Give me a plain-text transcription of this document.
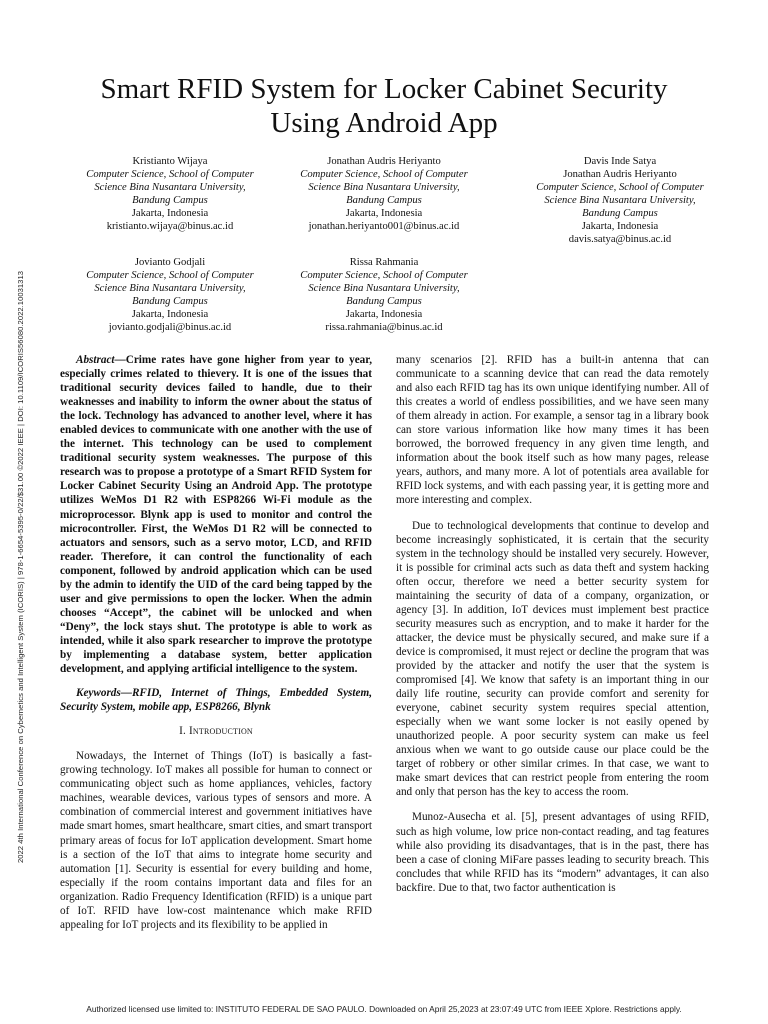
2022 4th International Conference on Cybernetics and Intelligent System (ICORIS) | 978-1-6654-5395-0/22/$31.00 ©2022 IEEE | DOI: 10.1109/ICORIS56080.2022.10031313
Smart RFID System for Locker Cabinet Security
Using Android App
Kristianto Wijaya
Computer Science, School of Computer
Science Bina Nusantara University,
Bandung Campus
Jakarta, Indonesia
kristianto.wijaya@binus.ac.id
Jonathan Audris Heriyanto
Computer Science, School of Computer
Science Bina Nusantara University,
Bandung Campus
Jakarta, Indonesia
jonathan.heriyanto001@binus.ac.id
Davis Inde Satya
Jonathan Audris Heriyanto
Computer Science, School of Computer
Science Bina Nusantara University,
Bandung Campus
Jakarta, Indonesia
davis.satya@binus.ac.id
Jovianto Godjali
Computer Science, School of Computer
Science Bina Nusantara University,
Bandung Campus
Jakarta, Indonesia
jovianto.godjali@binus.ac.id
Rissa Rahmania
Computer Science, School of Computer
Science Bina Nusantara University,
Bandung Campus
Jakarta, Indonesia
rissa.rahmania@binus.ac.id

Abstract—Crime rates have gone higher from year to year, especially crimes related to thievery. It is one of the issues that traditional security devices failed to handle, due to their weaknesses and inability to inform the owner about the status of the lock. Technology has advanced to another level, where it has enabled devices to communicate with one another with the use of the internet. This technology can be used to complement traditional security system weaknesses. The purpose of this research was to propose a prototype of a Smart RFID System for Locker Cabinet Security Using an Android App. The prototype utilizes WeMos D1 R2 with ESP8266 Wi-Fi module as the microprocessor. Blynk app is used to monitor and control the microcontroller. First, the WeMos D1 R2 will be connected to actuators and sensors, such as a servo motor, LCD, and RFID reader. Therefore, it can control the functionality of each component, followed by android application which can be used by the admin to identify the UID of the card being tapped by the user and give permissions to open the locker. When the admin chooses “Accept”, the cabinet will be unlocked and when “Deny”, the lock stays shut. The prototype is able to work as intended, while it also spark researcher to improve the prototype by implementing a database system, better application development, and applying artificial intelligence to the system.

Keywords—RFID, Internet of Things, Embedded System, Security System, mobile app, ESP8266, Blynk

I. Introduction

Nowadays, the Internet of Things (IoT) is basically a fast-growing technology. IoT makes all possible for human to connect or communicating object such as home appliances, vehicles, factory machines, wearable devices, various types of sensors and more. A combination of commercial interest and government initiatives have made smart homes, smart healthcare, smart cities, and smart transport primary areas of focus for IoT application development. Smart home is a section of the IoT that aims to integrate home security and automation [1]. Security is essential for every building and home, especially if the room contains important data and files for an organization. Radio Frequency Identification (RFID) is a unique part of IoT. RFID have low-cost maintenance which make RFID appealing for IoT projects and its flexibility to be applied in

many scenarios [2]. RFID has a built-in antenna that can communicate to a scanning device that can read the data remotely and also each RFID tag has its own unique identifying number. All of this creates a world of endless possibilities, and we have seen many of them already in action. For example, a sensor tag in a library book can store various information like how many times it has been borrowed, the borrowed frequency in any given time length, and information about the book itself such as how many pages, release years, authors, and many more. A lot of potentials area available for RFID lock systems, and with each passing year, it is getting more and more interesting and complex.

Due to technological developments that continue to develop and become increasingly sophisticated, it is certain that the security system in the technology should be installed very securely. However, it is possible for criminal acts such as data theft and system hacking often occur, therefore we need a better security system for maintaining the security of data of a company, organization, or agency [3]. In addition, IoT devices must implement best practice security measures such as encryption, and to make it harder for the attacker, the device must be physically secured, and make sure if a device is compromised, it must reject or decline the program that was provided by the attacker and notify the user that the system is compromised [4]. We know that safety is an important thing in our daily life routine, security can provide comfort and serenity for everyone, cabinet security system requires special attention, especially when we want some locker is not easily opened by unauthorized people. A poor security system can make us feel anxious when we want to go outside cause our place could be the target of robbery or other similar crimes. In that case, we want to make smart devices that can restrict people from entering the room and only that person has the key to access the room.

Munoz-Ausecha et al. [5], present advantages of using RFID, such as high volume, low price non-contact reading, and tag features while also providing its disadvantages, that is in the past, there has been a case of cloning MiFare passes leading to security breach. This concludes that while RFID has its “modern” advantages, it can also backfire. Due to that, two factor authentication is

Authorized licensed use limited to: INSTITUTO FEDERAL DE SAO PAULO. Downloaded on April 25,2023 at 23:07:49 UTC from IEEE Xplore. Restrictions apply.
